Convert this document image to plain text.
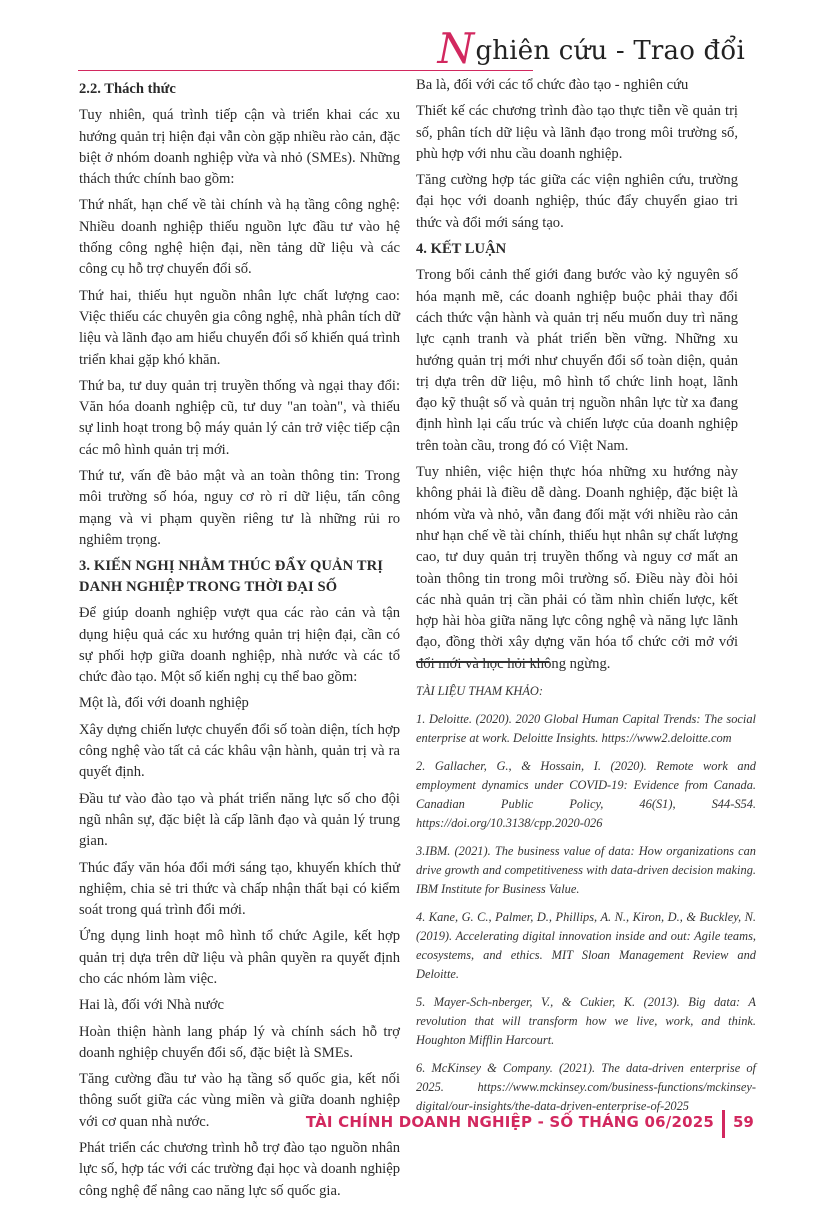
Nghiên cứu - Trao đổi
2.2. Thách thức

Tuy nhiên, quá trình tiếp cận và triển khai các xu hướng quản trị hiện đại vẫn còn gặp nhiều rào cản, đặc biệt ở nhóm doanh nghiệp vừa và nhỏ (SMEs). Những thách thức chính bao gồm:

Thứ nhất, hạn chế về tài chính và hạ tầng công nghệ: Nhiều doanh nghiệp thiếu nguồn lực đầu tư vào hệ thống công nghệ hiện đại, nền tảng dữ liệu và các công cụ hỗ trợ chuyển đổi số.

Thứ hai, thiếu hụt nguồn nhân lực chất lượng cao: Việc thiếu các chuyên gia công nghệ, nhà phân tích dữ liệu và lãnh đạo am hiểu chuyển đổi số khiến quá trình triển khai gặp khó khăn.

Thứ ba, tư duy quản trị truyền thống và ngại thay đổi: Văn hóa doanh nghiệp cũ, tư duy "an toàn", và thiếu sự linh hoạt trong bộ máy quản lý cản trở việc tiếp cận các mô hình quản trị mới.

Thứ tư, vấn đề bảo mật và an toàn thông tin: Trong môi trường số hóa, nguy cơ rò rỉ dữ liệu, tấn công mạng và vi phạm quyền riêng tư là những rủi ro nghiêm trọng.

3. KIẾN NGHỊ NHẰM THÚC ĐẨY QUẢN TRỊ DANH NGHIỆP TRONG THỜI ĐẠI SỐ

Để giúp doanh nghiệp vượt qua các rào cản và tận dụng hiệu quả các xu hướng quản trị hiện đại, cần có sự phối hợp giữa doanh nghiệp, nhà nước và các tổ chức đào tạo. Một số kiến nghị cụ thể bao gồm:

Một là, đối với doanh nghiệp

Xây dựng chiến lược chuyển đổi số toàn diện, tích hợp công nghệ vào tất cả các khâu vận hành, quản trị và ra quyết định.

Đầu tư vào đào tạo và phát triển năng lực số cho đội ngũ nhân sự, đặc biệt là cấp lãnh đạo và quản lý trung gian.

Thúc đẩy văn hóa đổi mới sáng tạo, khuyến khích thử nghiệm, chia sẻ tri thức và chấp nhận thất bại có kiểm soát trong quá trình đổi mới.

Ứng dụng linh hoạt mô hình tổ chức Agile, kết hợp quản trị dựa trên dữ liệu và phân quyền ra quyết định cho các nhóm làm việc.

Hai là, đối với Nhà nước

Hoàn thiện hành lang pháp lý và chính sách hỗ trợ doanh nghiệp chuyển đổi số, đặc biệt là SMEs.

Tăng cường đầu tư vào hạ tầng số quốc gia, kết nối thông suốt giữa các vùng miền và giữa doanh nghiệp với cơ quan nhà nước.

Phát triển các chương trình hỗ trợ đào tạo nguồn nhân lực số, hợp tác với các trường đại học và doanh nghiệp công nghệ để nâng cao năng lực số quốc gia.

Ba là, đối với các tổ chức đào tạo - nghiên cứu

Thiết kế các chương trình đào tạo thực tiễn về quản trị số, phân tích dữ liệu và lãnh đạo trong môi trường số, phù hợp với nhu cầu doanh nghiệp.

Tăng cường hợp tác giữa các viện nghiên cứu, trường đại học với doanh nghiệp, thúc đẩy chuyển giao tri thức và đổi mới sáng tạo.

4. KẾT LUẬN

Trong bối cảnh thế giới đang bước vào kỷ nguyên số hóa mạnh mẽ, các doanh nghiệp buộc phải thay đổi cách thức vận hành và quản trị nếu muốn duy trì năng lực cạnh tranh và phát triển bền vững. Những xu hướng quản trị mới như chuyển đổi số toàn diện, quản trị dựa trên dữ liệu, mô hình tổ chức linh hoạt, lãnh đạo kỹ thuật số và quản trị nguồn nhân lực từ xa đang định hình lại cấu trúc và chiến lược của doanh nghiệp trên toàn cầu, trong đó có Việt Nam.

Tuy nhiên, việc hiện thực hóa những xu hướng này không phải là điều dễ dàng. Doanh nghiệp, đặc biệt là nhóm vừa và nhỏ, vẫn đang đối mặt với nhiều rào cản như hạn chế về tài chính, thiếu hụt nhân sự chất lượng cao, tư duy quản trị truyền thống và nguy cơ mất an toàn thông tin trong môi trường số. Điều này đòi hỏi các nhà quản trị cần phải có tầm nhìn chiến lược, kết hợp hài hòa giữa năng lực công nghệ và năng lực lãnh đạo, đồng thời xây dựng văn hóa tổ chức cởi mở với đổi mới và học hỏi không ngừng.

TÀI LIỆU THAM KHẢO:

1. Deloitte. (2020). 2020 Global Human Capital Trends: The social enterprise at work. Deloitte Insights. https://www2.deloitte.com

2. Gallacher, G., & Hossain, I. (2020). Remote work and employment dynamics under COVID-19: Evidence from Canada. Canadian Public Policy, 46(S1), S44-S54. https://doi.org/10.3138/cpp.2020-026

3.IBM. (2021). The business value of data: How organizations can drive growth and competitiveness with data-driven decision making. IBM Institute for Business Value.

4. Kane, G. C., Palmer, D., Phillips, A. N., Kiron, D., & Buckley, N. (2019). Accelerating digital innovation inside and out: Agile teams, ecosystems, and ethics. MIT Sloan Management Review and Deloitte.

5. Mayer-Sch-nberger, V., & Cukier, K. (2013). Big data: A revolution that will transform how we live, work, and think. Houghton Mifflin Harcourt.

6. McKinsey & Company. (2021). The data-driven enterprise of 2025. https://www.mckinsey.com/business-functions/mckinsey-digital/our-insights/the-data-driven-enterprise-of-2025

TÀI CHÍNH DOANH NGHIỆP - SỐ THÁNG 06/2025 59
